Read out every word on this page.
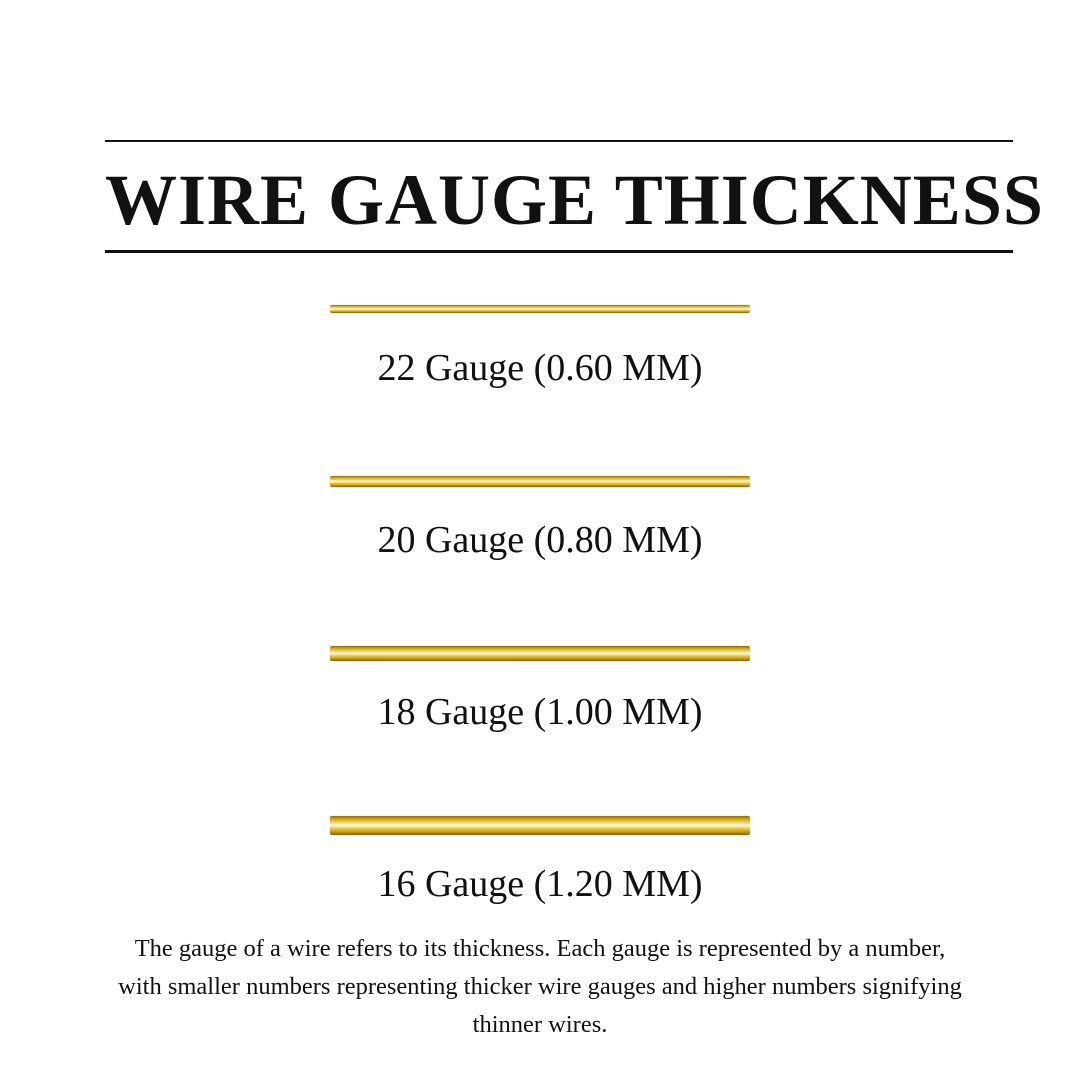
WIRE GAUGE THICKNESS

22 Gauge (0.60 MM)

20 Gauge (0.80 MM)

18 Gauge (1.00 MM)

16 Gauge (1.20 MM)

The gauge of a wire refers to its thickness. Each gauge is represented by a number, with smaller numbers representing thicker wire gauges and higher numbers signifying thinner wires.
